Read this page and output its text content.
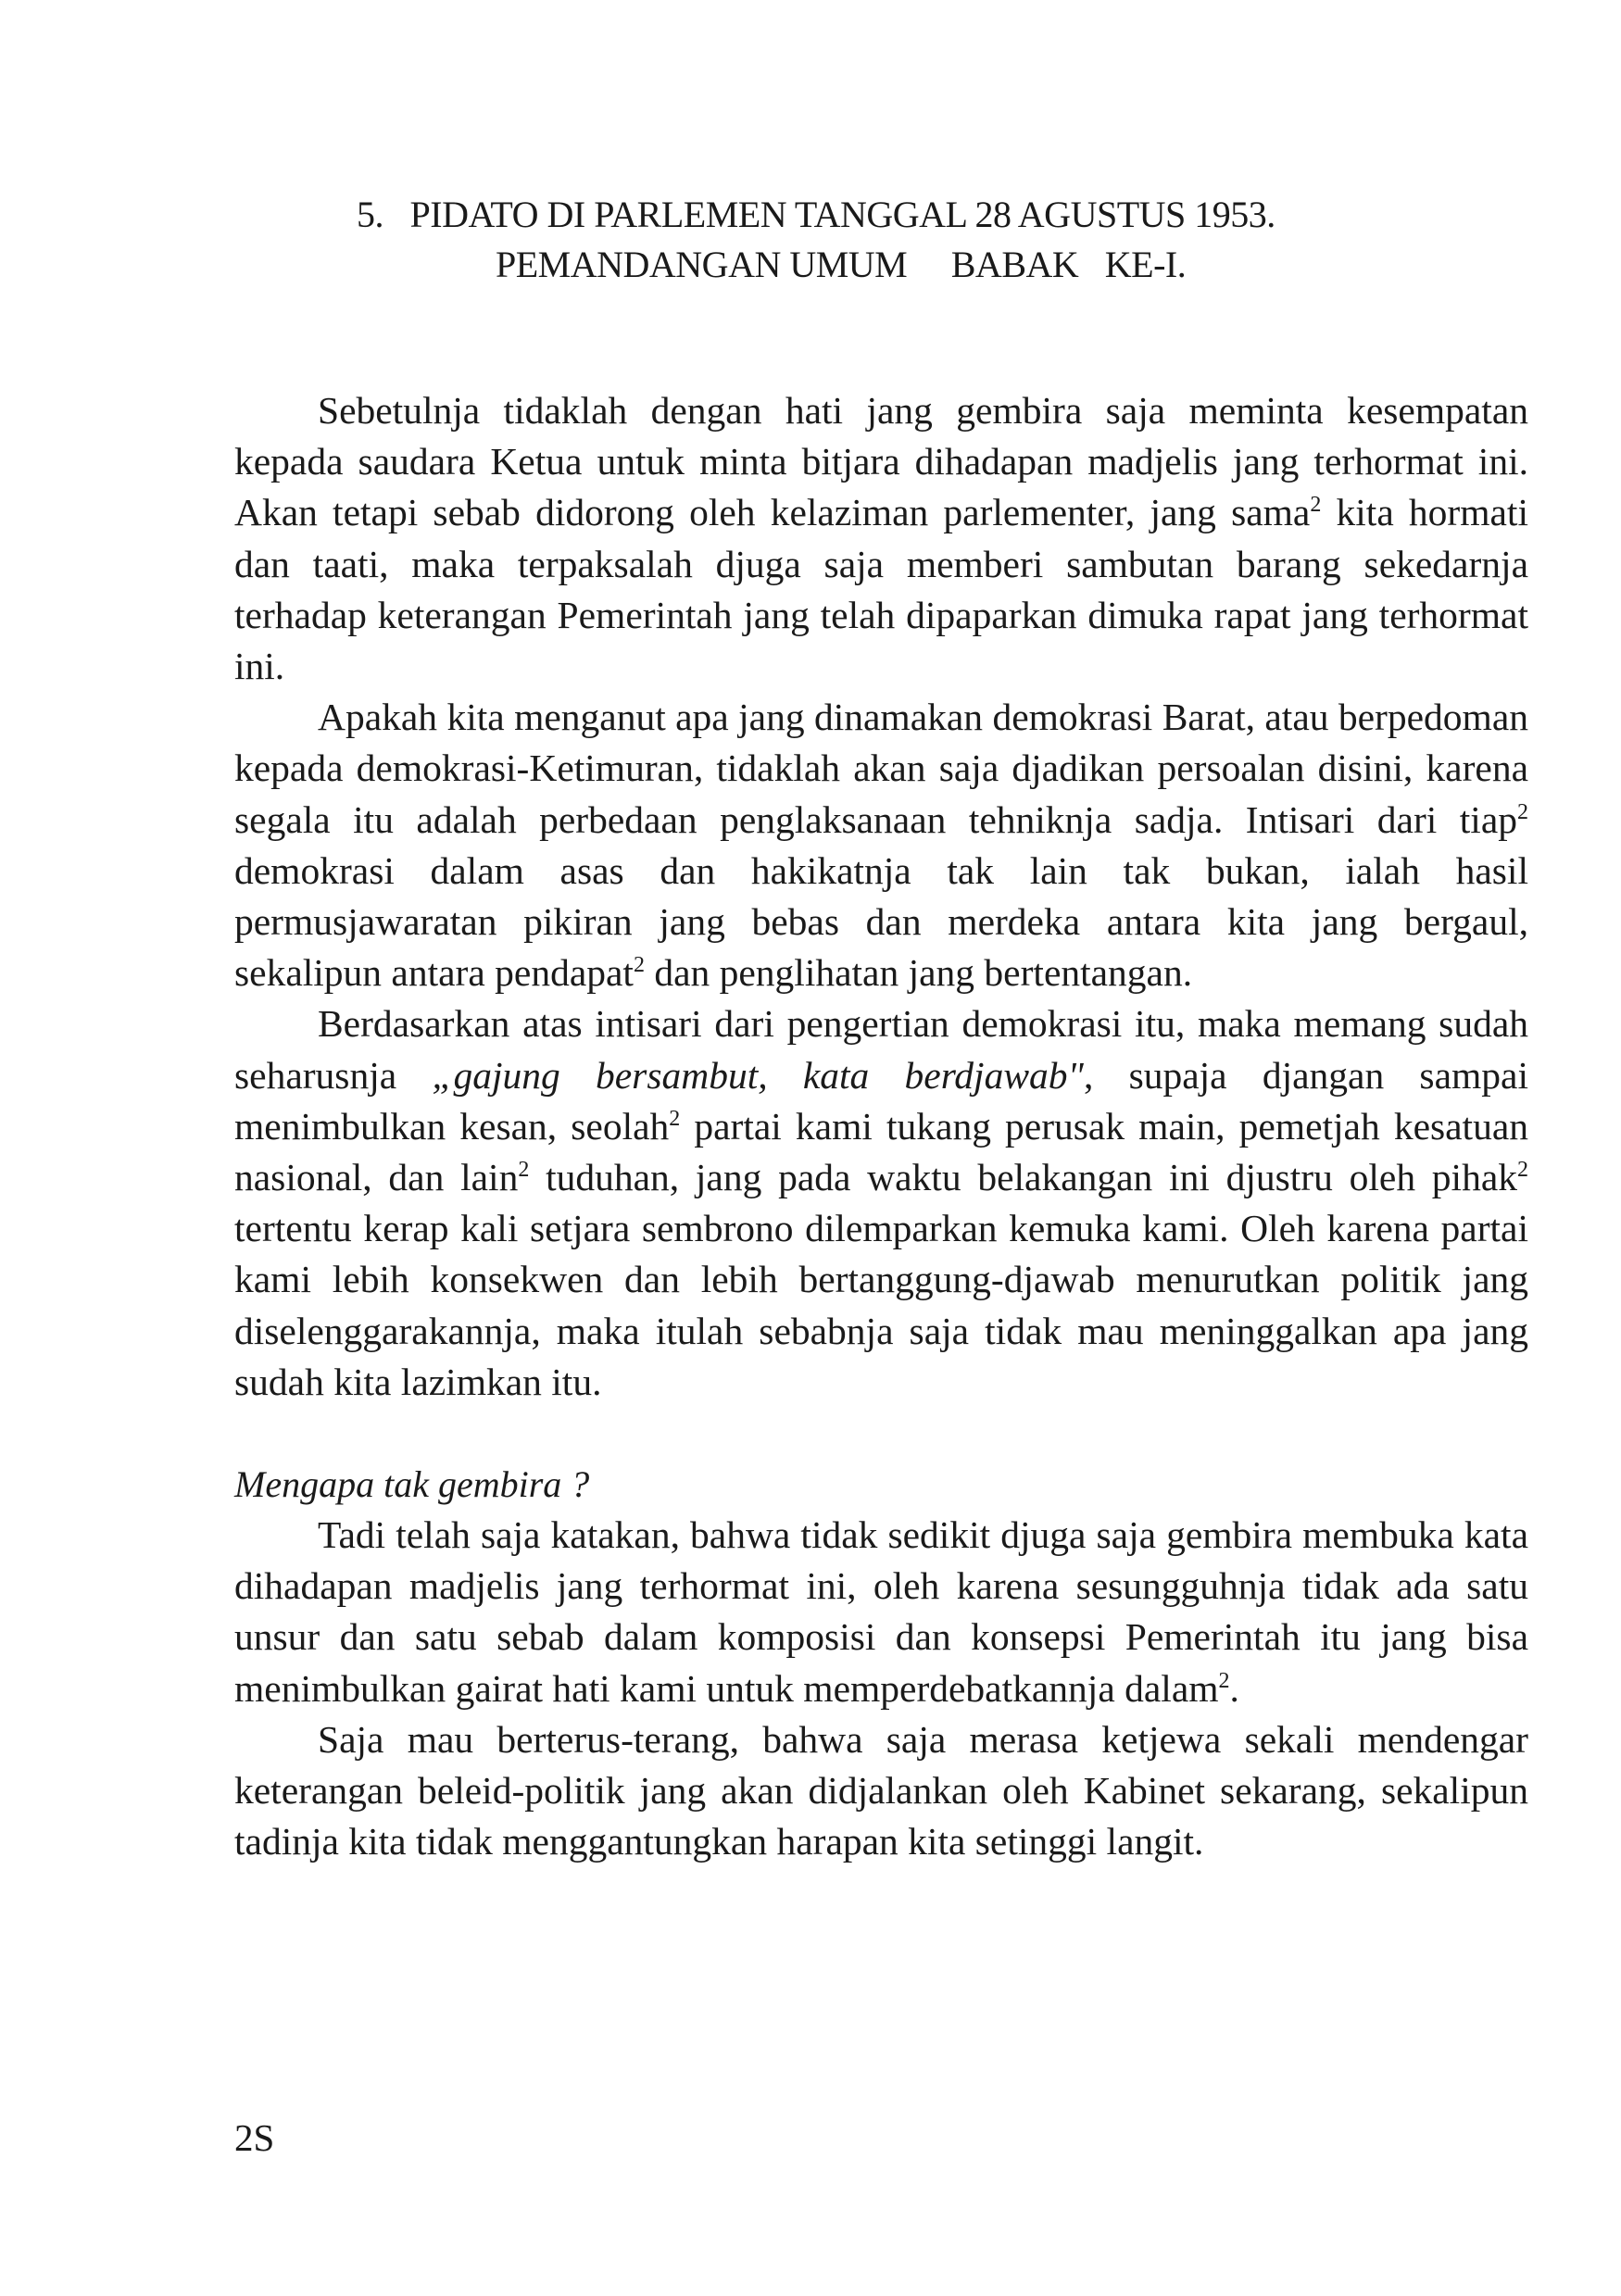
5.   PIDATO DI PARLEMEN TANGGAL 28 AGUSTUS 1953.
PEMANDANGAN UMUM     BABAK   KE-I.

Sebetulnja tidaklah dengan hati jang gembira saja meminta kesempatan kepada saudara Ketua untuk minta bitjara dihadapan madjelis jang terhormat ini. Akan tetapi sebab didorong oleh kelaziman parlementer, jang sama$^2$ kita hormati dan taati, maka terpaksalah djuga saja memberi sambutan barang sekedarnja terhadap keterangan Pemerintah jang telah dipaparkan dimuka rapat jang terhormat ini.

Apakah kita menganut apa jang dinamakan demokrasi Barat, atau berpedoman kepada demokrasi-Ketimuran, tidaklah akan saja djadikan persoalan disini, karena segala itu adalah perbedaan penglaksanaan tehniknja sadja. Intisari dari tiap$^2$ demokrasi dalam asas dan hakikatnja tak lain tak bukan, ialah hasil permusjawaratan pikiran jang bebas dan merdeka antara kita jang bergaul, sekalipun antara pendapat$^2$ dan penglihatan jang bertentangan.

Berdasarkan atas intisari dari pengertian demokrasi itu, maka memang sudah seharusnja „gajung bersambut, kata berdjawab", supaja djangan sampai menimbulkan kesan, seolah$^2$ partai kami tukang perusak main, pemetjah kesatuan nasional, dan lain$^2$ tuduhan, jang pada waktu belakangan ini djustru oleh pihak$^2$ tertentu kerap kali setjara sembrono dilemparkan kemuka kami. Oleh karena partai kami lebih konsekwen dan lebih bertanggung-djawab menurutkan politik jang diselenggarakannja, maka itulah sebabnja saja tidak mau meninggalkan apa jang sudah kita lazimkan itu.

Mengapa tak gembira ?

Tadi telah saja katakan, bahwa tidak sedikit djuga saja gembira membuka kata dihadapan madjelis jang terhormat ini, oleh karena sesungguhnja tidak ada satu unsur dan satu sebab dalam komposisi dan konsepsi Pemerintah itu jang bisa menimbulkan gairat hati kami untuk memperdebatkannja dalam$^2$.

Saja mau berterus-terang, bahwa saja merasa ketjewa sekali mendengar keterangan beleid-politik jang akan didjalankan oleh Kabinet sekarang, sekalipun tadinja kita tidak menggantungkan harapan kita setinggi langit.

2S
